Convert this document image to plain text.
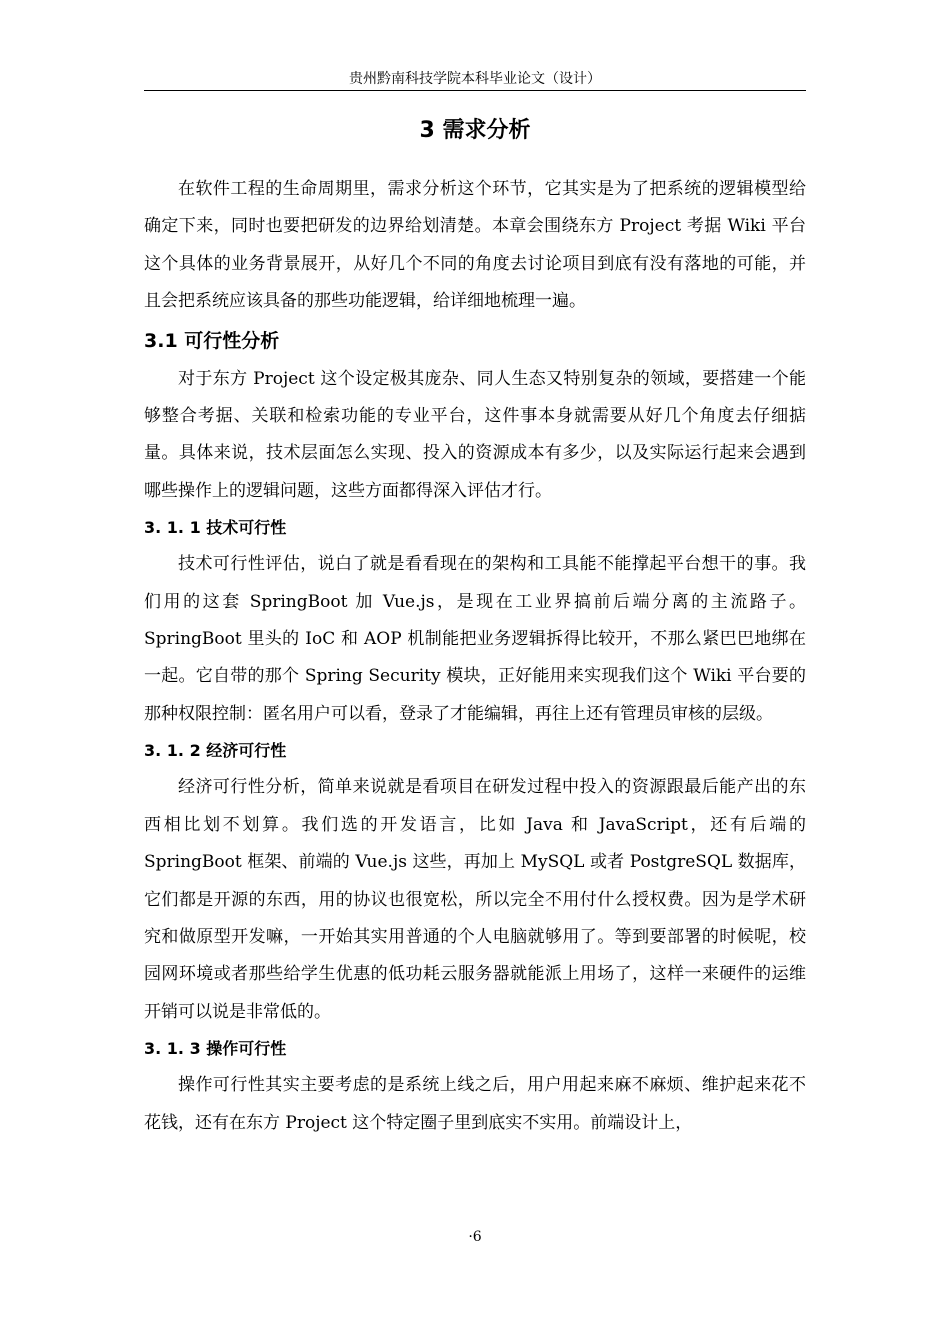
贵州黔南科技学院本科毕业论文（设计）
3 需求分析

在软件工程的生命周期里，需求分析这个环节，它其实是为了把系统的逻辑模型给确定下来，同时也要把研发的边界给划清楚。本章会围绕东方 Project 考据 Wiki 平台这个具体的业务背景展开，从好几个不同的角度去讨论项目到底有没有落地的可能，并且会把系统应该具备的那些功能逻辑，给详细地梳理一遍。

3.1 可行性分析

对于东方 Project 这个设定极其庞杂、同人生态又特别复杂的领域，要搭建一个能够整合考据、关联和检索功能的专业平台，这件事本身就需要从好几个角度去仔细掂量。具体来说，技术层面怎么实现、投入的资源成本有多少，以及实际运行起来会遇到哪些操作上的逻辑问题，这些方面都得深入评估才行。

3. 1. 1 技术可行性

技术可行性评估，说白了就是看看现在的架构和工具能不能撑起平台想干的事。我们用的这套 SpringBoot 加 Vue.js，是现在工业界搞前后端分离的主流路子。SpringBoot 里头的 IoC 和 AOP 机制能把业务逻辑拆得比较开，不那么紧巴巴地绑在一起。它自带的那个 Spring Security 模块，正好能用来实现我们这个 Wiki 平台要的那种权限控制：匿名用户可以看，登录了才能编辑，再往上还有管理员审核的层级。

3. 1. 2 经济可行性

经济可行性分析，简单来说就是看项目在研发过程中投入的资源跟最后能产出的东西相比划不划算。我们选的开发语言，比如 Java 和 JavaScript，还有后端的 SpringBoot 框架、前端的 Vue.js 这些，再加上 MySQL 或者 PostgreSQL 数据库，它们都是开源的东西，用的协议也很宽松，所以完全不用付什么授权费。因为是学术研究和做原型开发嘛，一开始其实用普通的个人电脑就够用了。等到要部署的时候呢，校园网环境或者那些给学生优惠的低功耗云服务器就能派上用场了，这样一来硬件的运维开销可以说是非常低的。

3. 1. 3 操作可行性

操作可行性其实主要考虑的是系统上线之后，用户用起来麻不麻烦、维护起来花不花钱，还有在东方 Project 这个特定圈子里到底实不实用。前端设计上，

·6
